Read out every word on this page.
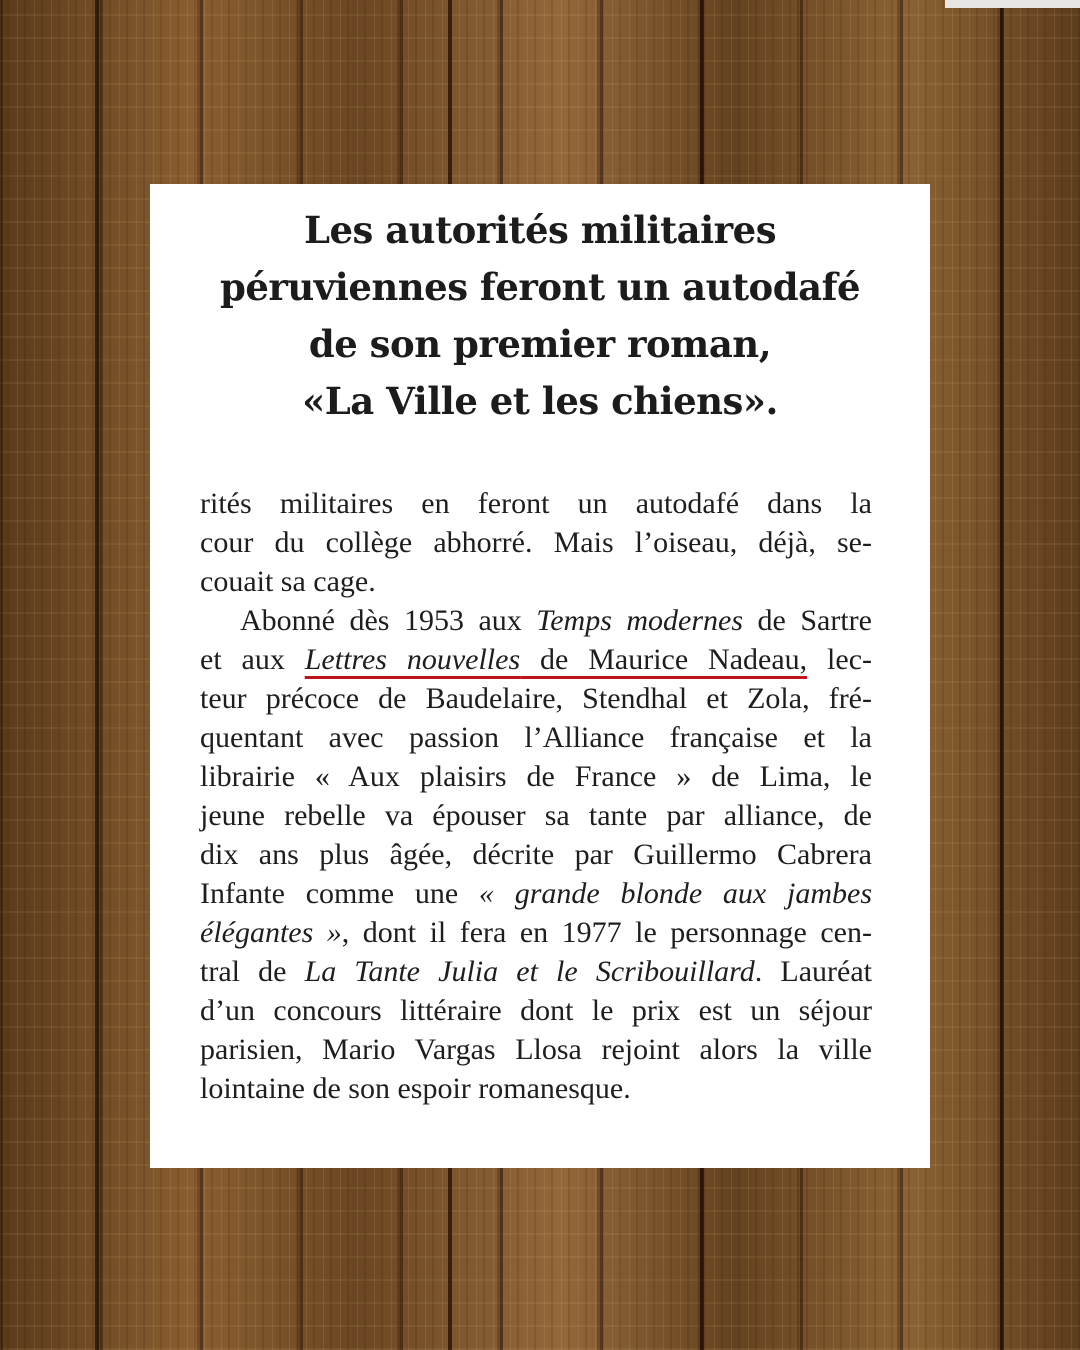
Les autorités militaires
péruviennes feront un autodafé
de son premier roman,
«La Ville et les chiens».
rités militaires en feront un autodafé dans la
cour du collège abhorré. Mais l’oiseau, déjà, se-
couait sa cage.
Abonné dès 1953 aux Temps modernes de Sartre
et aux Lettres nouvelles de Maurice Nadeau, lec-
teur précoce de Baudelaire, Stendhal et Zola, fré-
quentant avec passion l’Alliance française et la
librairie « Aux plaisirs de France » de Lima, le
jeune rebelle va épouser sa tante par alliance, de
dix ans plus âgée, décrite par Guillermo Cabrera
Infante comme une « grande blonde aux jambes
élégantes », dont il fera en 1977 le personnage cen-
tral de La Tante Julia et le Scribouillard. Lauréat
d’un concours littéraire dont le prix est un séjour
parisien, Mario Vargas Llosa rejoint alors la ville
lointaine de son espoir romanesque.
